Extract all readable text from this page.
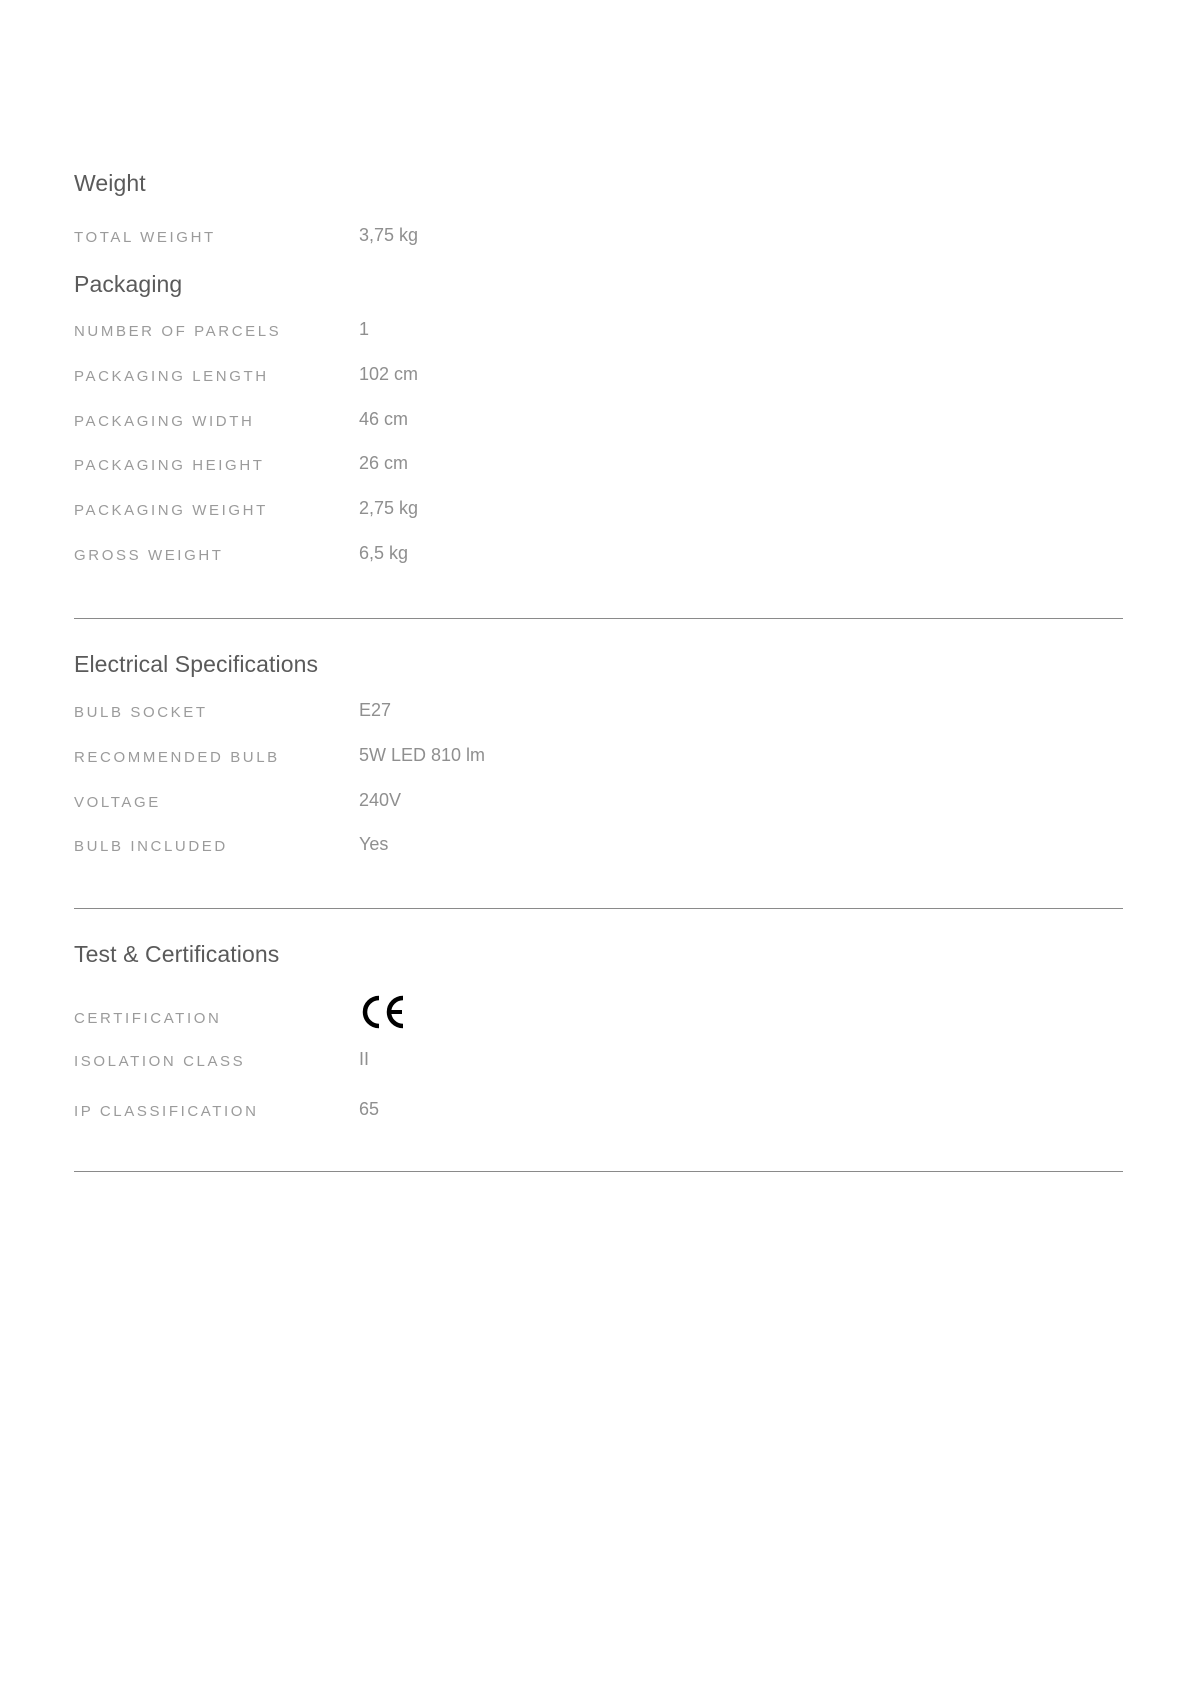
Weight
TOTAL WEIGHT	3,75 kg
Packaging
NUMBER OF PARCELS	1
PACKAGING LENGTH	102 cm
PACKAGING WIDTH	46 cm
PACKAGING HEIGHT	26 cm
PACKAGING WEIGHT	2,75 kg
GROSS WEIGHT	6,5 kg
Electrical Specifications
BULB SOCKET	E27
RECOMMENDED BULB	5W LED 810 lm
VOLTAGE	240V
BULB INCLUDED	Yes
Test & Certifications
CERTIFICATION
ISOLATION CLASS	II
IP CLASSIFICATION	65
